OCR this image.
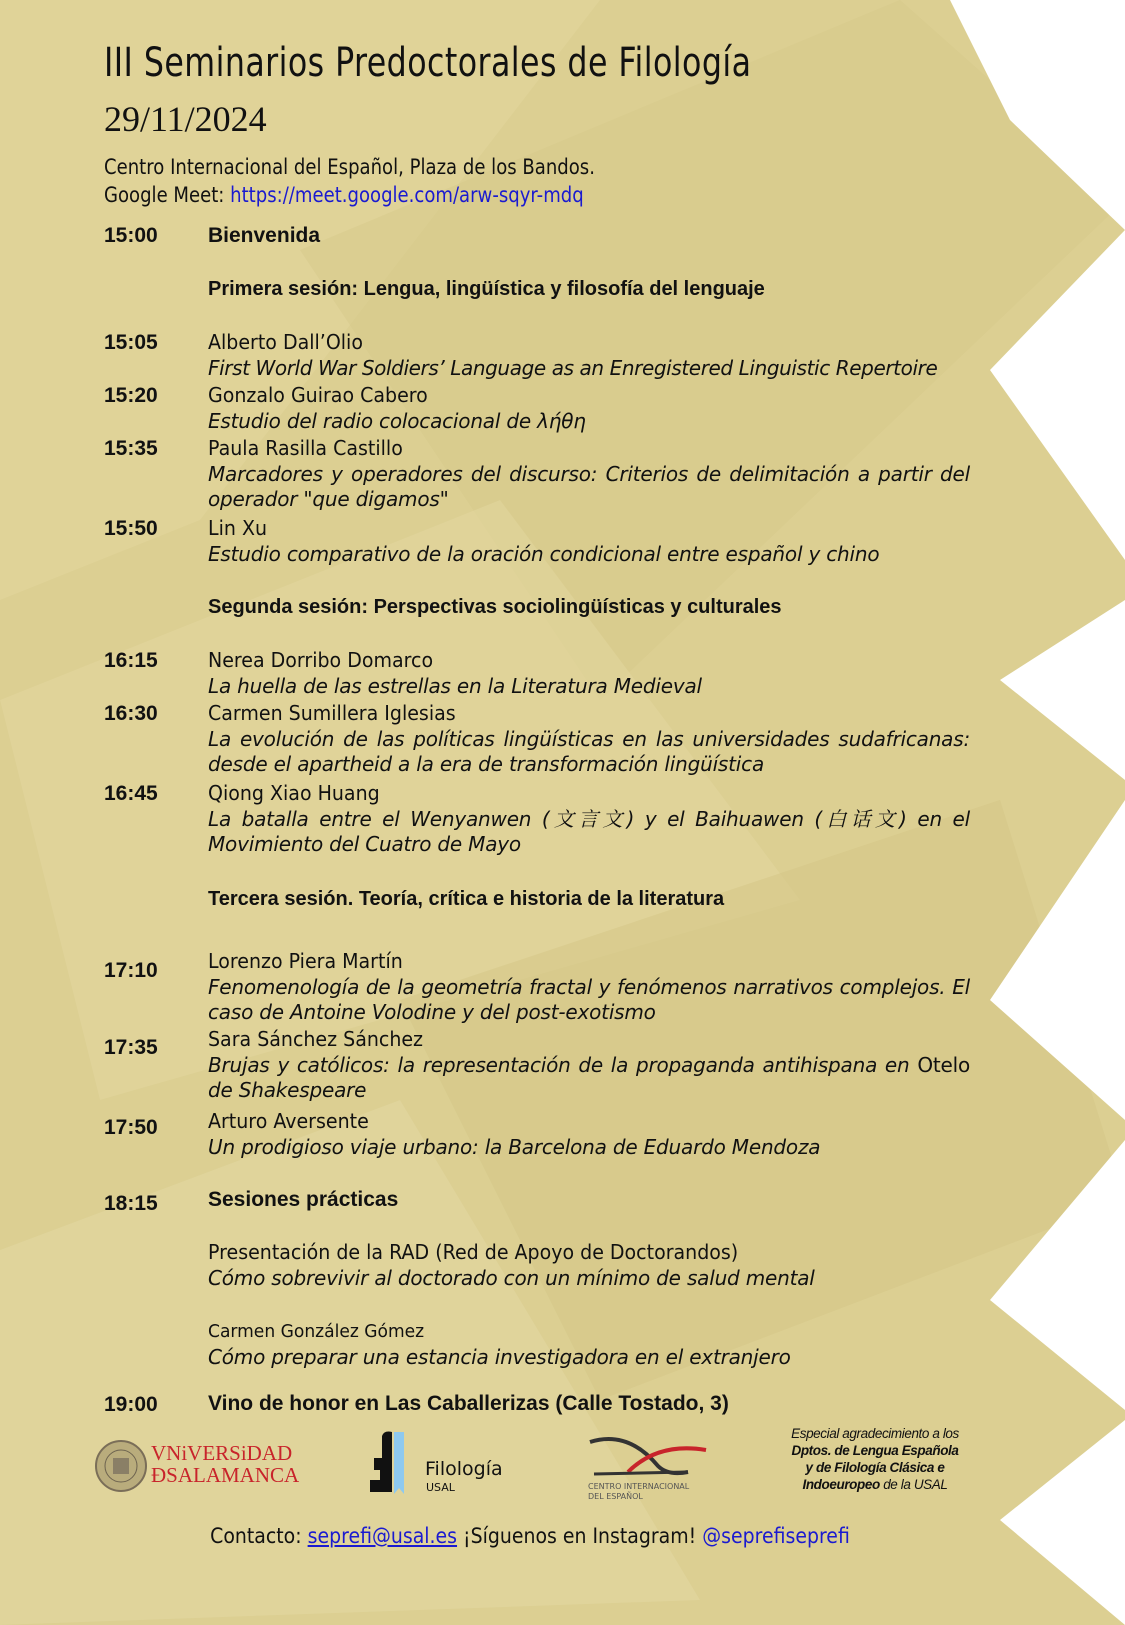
III Seminarios Predoctorales de Filología
29/11/2024
Centro Internacional del Español, Plaza de los Bandos.
Google Meet: https://meet.google.com/arw-sqyr-mdq
15:00 Bienvenida
Primera sesión: Lengua, lingüística y filosofía del lenguaje
15:05	Alberto Dall’Olio
First World War Soldiers’ Language as an Enregistered Linguistic Repertoire
15:20	Gonzalo Guirao Cabero
Estudio del radio colocacional de λήθη
15:35	Paula Rasilla Castillo
Marcadores y operadores del discurso: Criterios de delimitación a partir del operador "que digamos"
15:50	Lin Xu
Estudio comparativo de la oración condicional entre español y chino
Segunda sesión: Perspectivas sociolingüísticas y culturales
16:15	Nerea Dorribo Domarco
La huella de las estrellas en la Literatura Medieval
16:30	Carmen Sumillera Iglesias
La evolución de las políticas lingüísticas en las universidades sudafricanas: desde el apartheid a la era de transformación lingüística
16:45	Qiong Xiao Huang
La batalla entre el Wenyanwen (文言文) y el Baihuawen (白话文) en el Movimiento del Cuatro de Mayo
Tercera sesión. Teoría, crítica e historia de la literatura
17:10	Lorenzo Piera Martín
Fenomenología de la geometría fractal y fenómenos narrativos complejos. El caso de Antoine Volodine y del post-exotismo
17:35	Sara Sánchez Sánchez
Brujas y católicos: la representación de la propaganda antihispana en Otelo de Shakespeare
17:50	Arturo Aversente
Un prodigioso viaje urbano: la Barcelona de Eduardo Mendoza
18:15 Sesiones prácticas
Presentación de la RAD (Red de Apoyo de Doctorandos)
Cómo sobrevivir al doctorado con un mínimo de salud mental
Carmen González Gómez
Cómo preparar una estancia investigadora en el extranjero
19:00 Vino de honor en Las Caballerizas (Calle Tostado, 3)
VNiVERSiDAD
ÐSALAMANCA	Filología
USAL	CENTRO INTERNACIONAL
DEL ESPAÑOL
Especial agradecimiento a los
Dptos. de Lengua Española
y de Filología Clásica e
Indoeuropeo de la USAL
Contacto: seprefi@usal.es ¡Síguenos en Instagram! @seprefiseprefi
